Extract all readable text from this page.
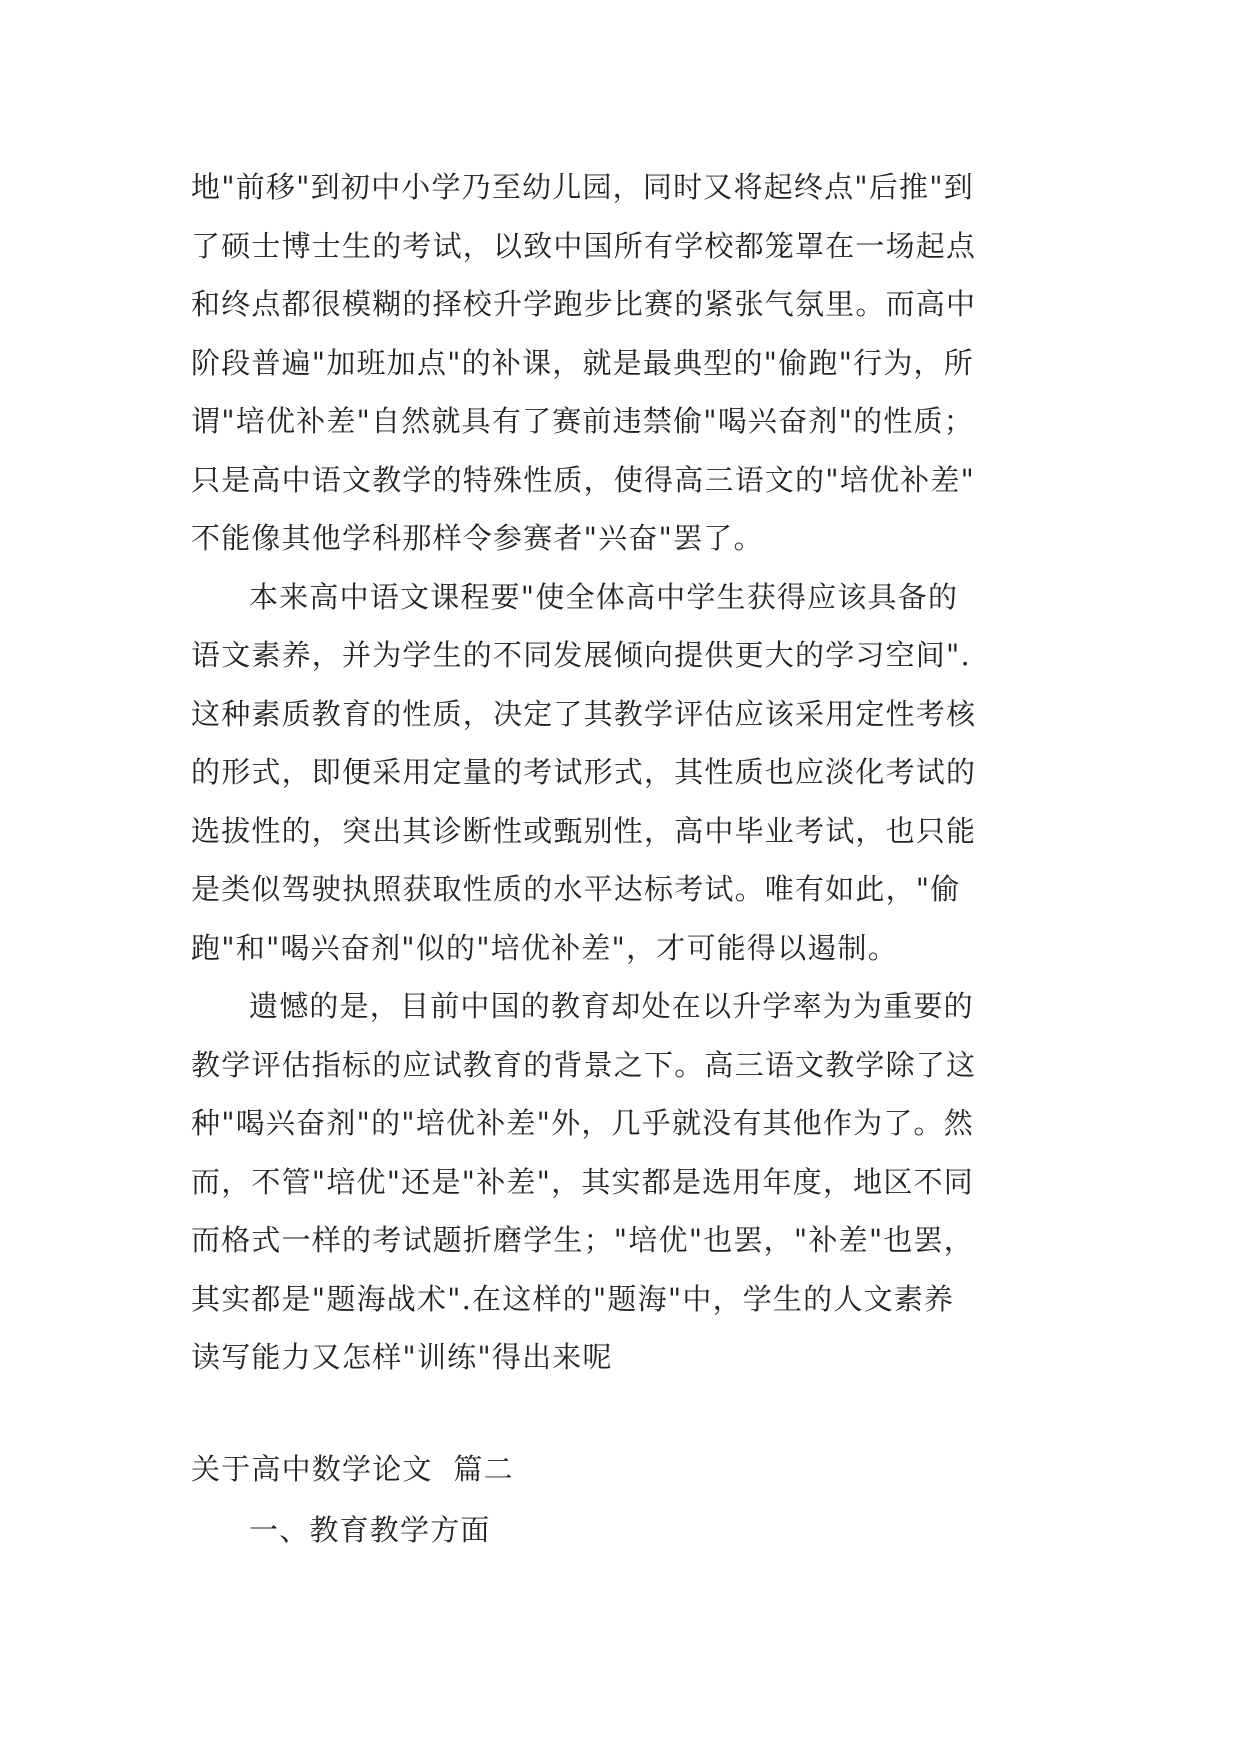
地"前移"到初中小学乃至幼儿园，同时又将起终点"后推"到
了硕士博士生的考试，以致中国所有学校都笼罩在一场起点
和终点都很模糊的择校升学跑步比赛的紧张气氛里。而高中
阶段普遍"加班加点"的补课，就是最典型的"偷跑"行为，所
谓"培优补差"自然就具有了赛前违禁偷"喝兴奋剂"的性质；
只是高中语文教学的特殊性质，使得高三语文的"培优补差"
不能像其他学科那样令参赛者"兴奋"罢了。

本来高中语文课程要"使全体高中学生获得应该具备的
语文素养，并为学生的不同发展倾向提供更大的学习空间".
这种素质教育的性质，决定了其教学评估应该采用定性考核
的形式，即便采用定量的考试形式，其性质也应淡化考试的
选拔性的，突出其诊断性或甄别性，高中毕业考试，也只能
是类似驾驶执照获取性质的水平达标考试。唯有如此，"偷
跑"和"喝兴奋剂"似的"培优补差"，才可能得以遏制。

遗憾的是，目前中国的教育却处在以升学率为为重要的
教学评估指标的应试教育的背景之下。高三语文教学除了这
种"喝兴奋剂"的"培优补差"外，几乎就没有其他作为了。然
而，不管"培优"还是"补差"，其实都是选用年度，地区不同
而格式一样的考试题折磨学生；"培优"也罢，"补差"也罢，
其实都是"题海战术".在这样的"题海"中，学生的人文素养
读写能力又怎样"训练"得出来呢

关于高中数学论文  篇二
一、教育教学方面
